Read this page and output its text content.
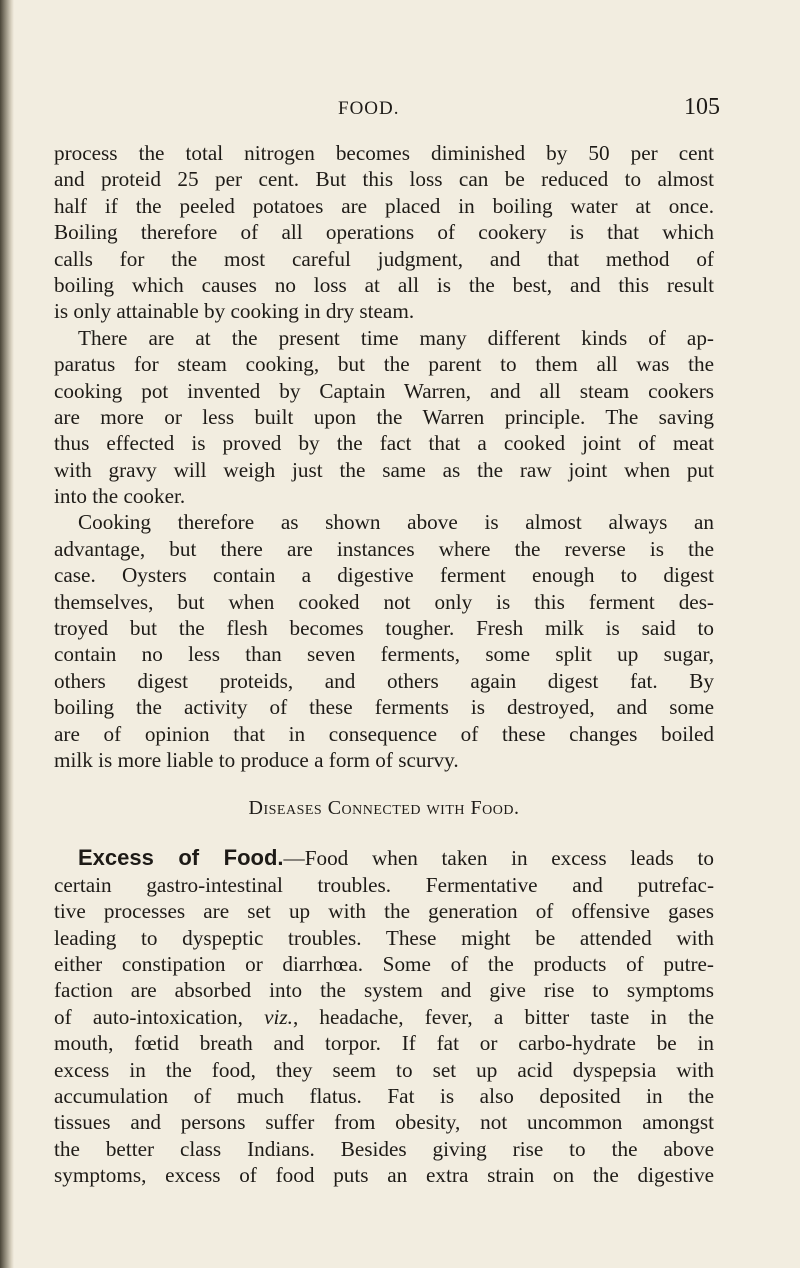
FOOD.	105
process the total nitrogen becomes diminished by 50 per cent
and proteid 25 per cent. But this loss can be reduced to almost
half if the peeled potatoes are placed in boiling water at once.
Boiling therefore of all operations of cookery is that which
calls for the most careful judgment, and that method of
boiling which causes no loss at all is the best, and this result
is only attainable by cooking in dry steam.
There are at the present time many different kinds of ap-
paratus for steam cooking, but the parent to them all was the
cooking pot invented by Captain Warren, and all steam cookers
are more or less built upon the Warren principle. The saving
thus effected is proved by the fact that a cooked joint of meat
with gravy will weigh just the same as the raw joint when put
into the cooker.
Cooking therefore as shown above is almost always an
advantage, but there are instances where the reverse is the
case. Oysters contain a digestive ferment enough to digest
themselves, but when cooked not only is this ferment des-
troyed but the flesh becomes tougher. Fresh milk is said to
contain no less than seven ferments, some split up sugar,
others digest proteids, and others again digest fat. By
boiling the activity of these ferments is destroyed, and some
are of opinion that in consequence of these changes boiled
milk is more liable to produce a form of scurvy.
Diseases Connected with Food.
Excess of Food.—Food when taken in excess leads to
certain gastro-intestinal troubles. Fermentative and putrefac-
tive processes are set up with the generation of offensive gases
leading to dyspeptic troubles. These might be attended with
either constipation or diarrhœa. Some of the products of putre-
faction are absorbed into the system and give rise to symptoms
of auto-intoxication, viz., headache, fever, a bitter taste in the
mouth, fœtid breath and torpor. If fat or carbo-hydrate be in
excess in the food, they seem to set up acid dyspepsia with
accumulation of much flatus. Fat is also deposited in the
tissues and persons suffer from obesity, not uncommon amongst
the better class Indians. Besides giving rise to the above
symptoms, excess of food puts an extra strain on the digestive
